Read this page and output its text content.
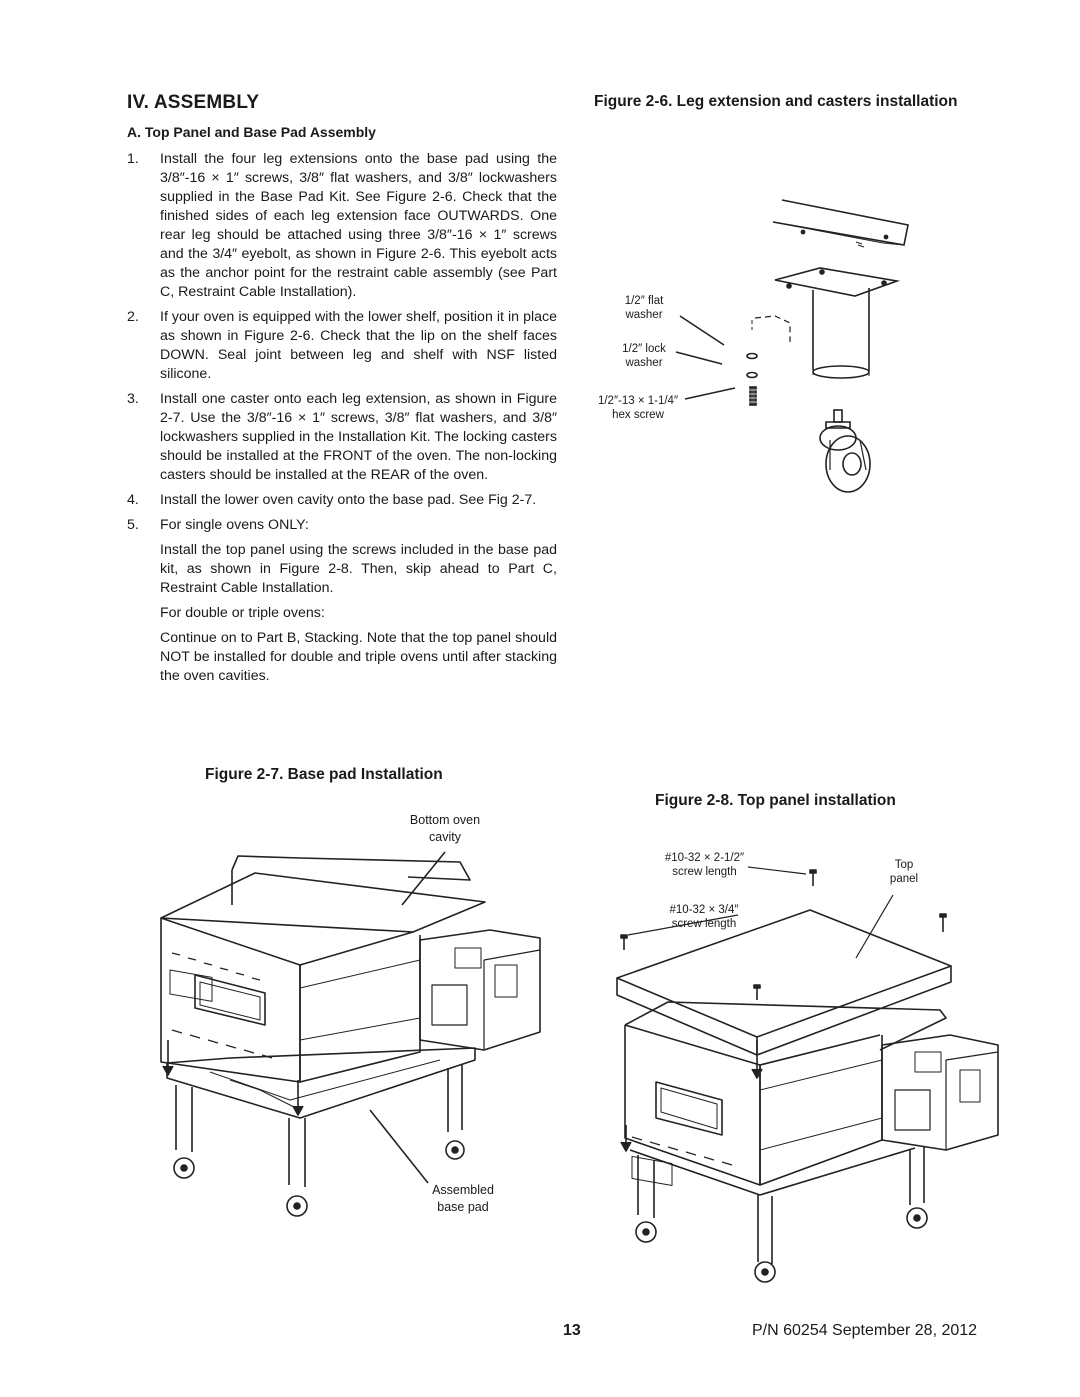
IV. ASSEMBLY
A. Top Panel and Base Pad Assembly
1.	Install the four leg extensions onto the base pad using the 3/8″-16 × 1″ screws, 3/8″ flat washers, and 3/8″ lockwashers supplied in the Base Pad Kit. See Figure 2-6. Check that the finished sides of each leg extension face OUTWARDS. One rear leg should be attached using three 3/8″-16 × 1″ screws and the 3/4″ eyebolt, as shown in Figure 2-6. This eyebolt acts as the anchor point for the restraint cable assembly (see Part C, Restraint Cable Installation).
2.	If your oven is equipped with the lower shelf, position it in place as shown in Figure 2-6. Check that the lip on the shelf faces DOWN. Seal joint between leg and shelf with NSF listed silicone.
3.	Install one caster onto each leg extension, as shown in Figure 2-7. Use the 3/8″-16 × 1″ screws, 3/8″ flat washers, and 3/8″ lockwashers supplied in the Installation Kit. The locking casters should be installed at the FRONT of the oven. The non-locking casters should be installed at the REAR of the oven.
4.	Install the lower oven cavity onto the base pad. See Fig 2-7.
5.	For single ovens ONLY:

Install the top panel using the screws included in the base pad kit, as shown in Figure 2-8. Then, skip ahead to Part C, Restraint Cable Installation.

For double or triple ovens:

Continue on to Part B, Stacking. Note that the top panel should NOT be installed for double and triple ovens until after stacking the oven cavities.

Figure 2-6. Leg extension and casters installation
1/2″ flat
washer
1/2″ lock
washer
1/2″-13 × 1-1/4″
hex screw
Figure 2-7. Base pad Installation
Bottom oven
cavity
Assembled
base pad
Figure 2-8. Top panel installation
#10-32 × 2-1/2″
screw length
#10-32 × 3/4″
screw length
Top
panel
13	P/N 60254 September 28, 2012
